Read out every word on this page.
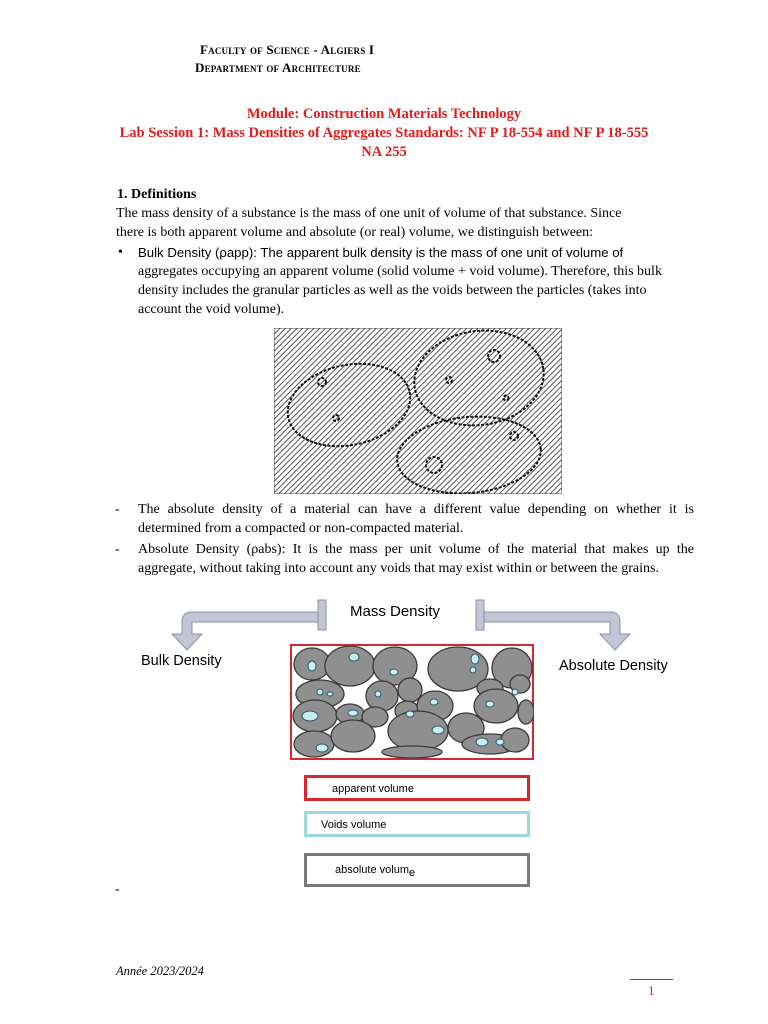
Faculty of Science - Algiers I
Department of Architecture
Module: Construction Materials Technology
Lab Session 1: Mass Densities of Aggregates Standards: NF P 18-554 and NF P 18-555
NA 255
1. Definitions
The mass density of a substance is the mass of one unit of volume of that substance. Since
there is both apparent volume and absolute (or real) volume, we distinguish between:
• Bulk Density (ρapp): The apparent bulk density is the mass of one unit of volume of
aggregates occupying an apparent volume (solid volume + void volume). Therefore, this bulk density includes the granular particles as well as the voids between the particles (takes into account the void volume).
- The absolute density of a material can have a different value depending on whether it is determined from a compacted or non-compacted material.
- Absolute Density (ρabs): It is the mass per unit volume of the material that makes up the aggregate, without taking into account any voids that may exist within or between the grains.
Mass Density
Bulk Density	Absolute Density
apparent volume
Voids volume
absolute volume
-
Année 2023/2024
1
